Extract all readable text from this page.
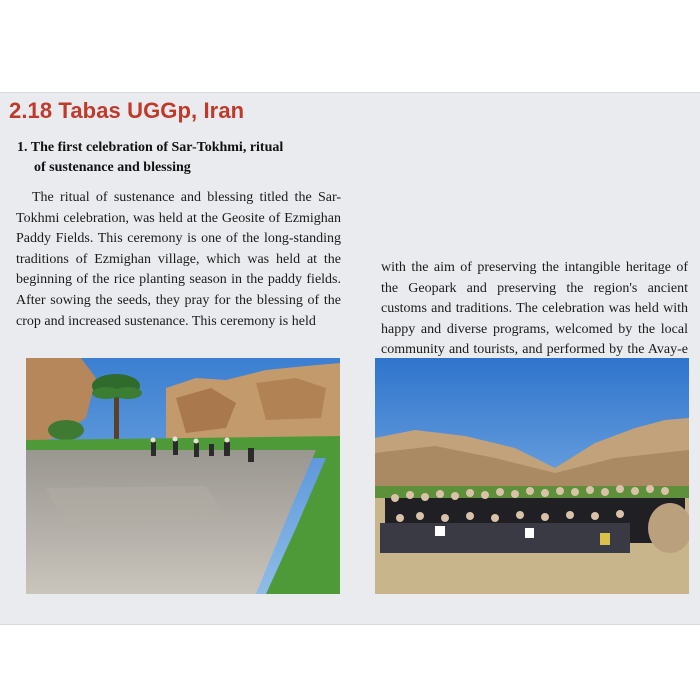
2.18 Tabas UGGp, Iran
1. The first celebration of Sar-Tokhmi, ritual
of sustenance and blessing

The ritual of sustenance and blessing titled the Sar-Tokhmi celebration, was held at the Geosite of Ezmighan Paddy Fields. This ceremony is one of the long-standing traditions of Ezmighan village, which was held at the beginning of the rice planting season in the paddy fields. After sowing the seeds, they pray for the blessing of the crop and increased sustenance. This ceremony is held

with the aim of preserving the intangible heritage of the Geopark and preserving the region's ancient customs and traditions. The celebration was held with happy and diverse programs, welcomed by the local community and tourists, and performed by the Avay-e
